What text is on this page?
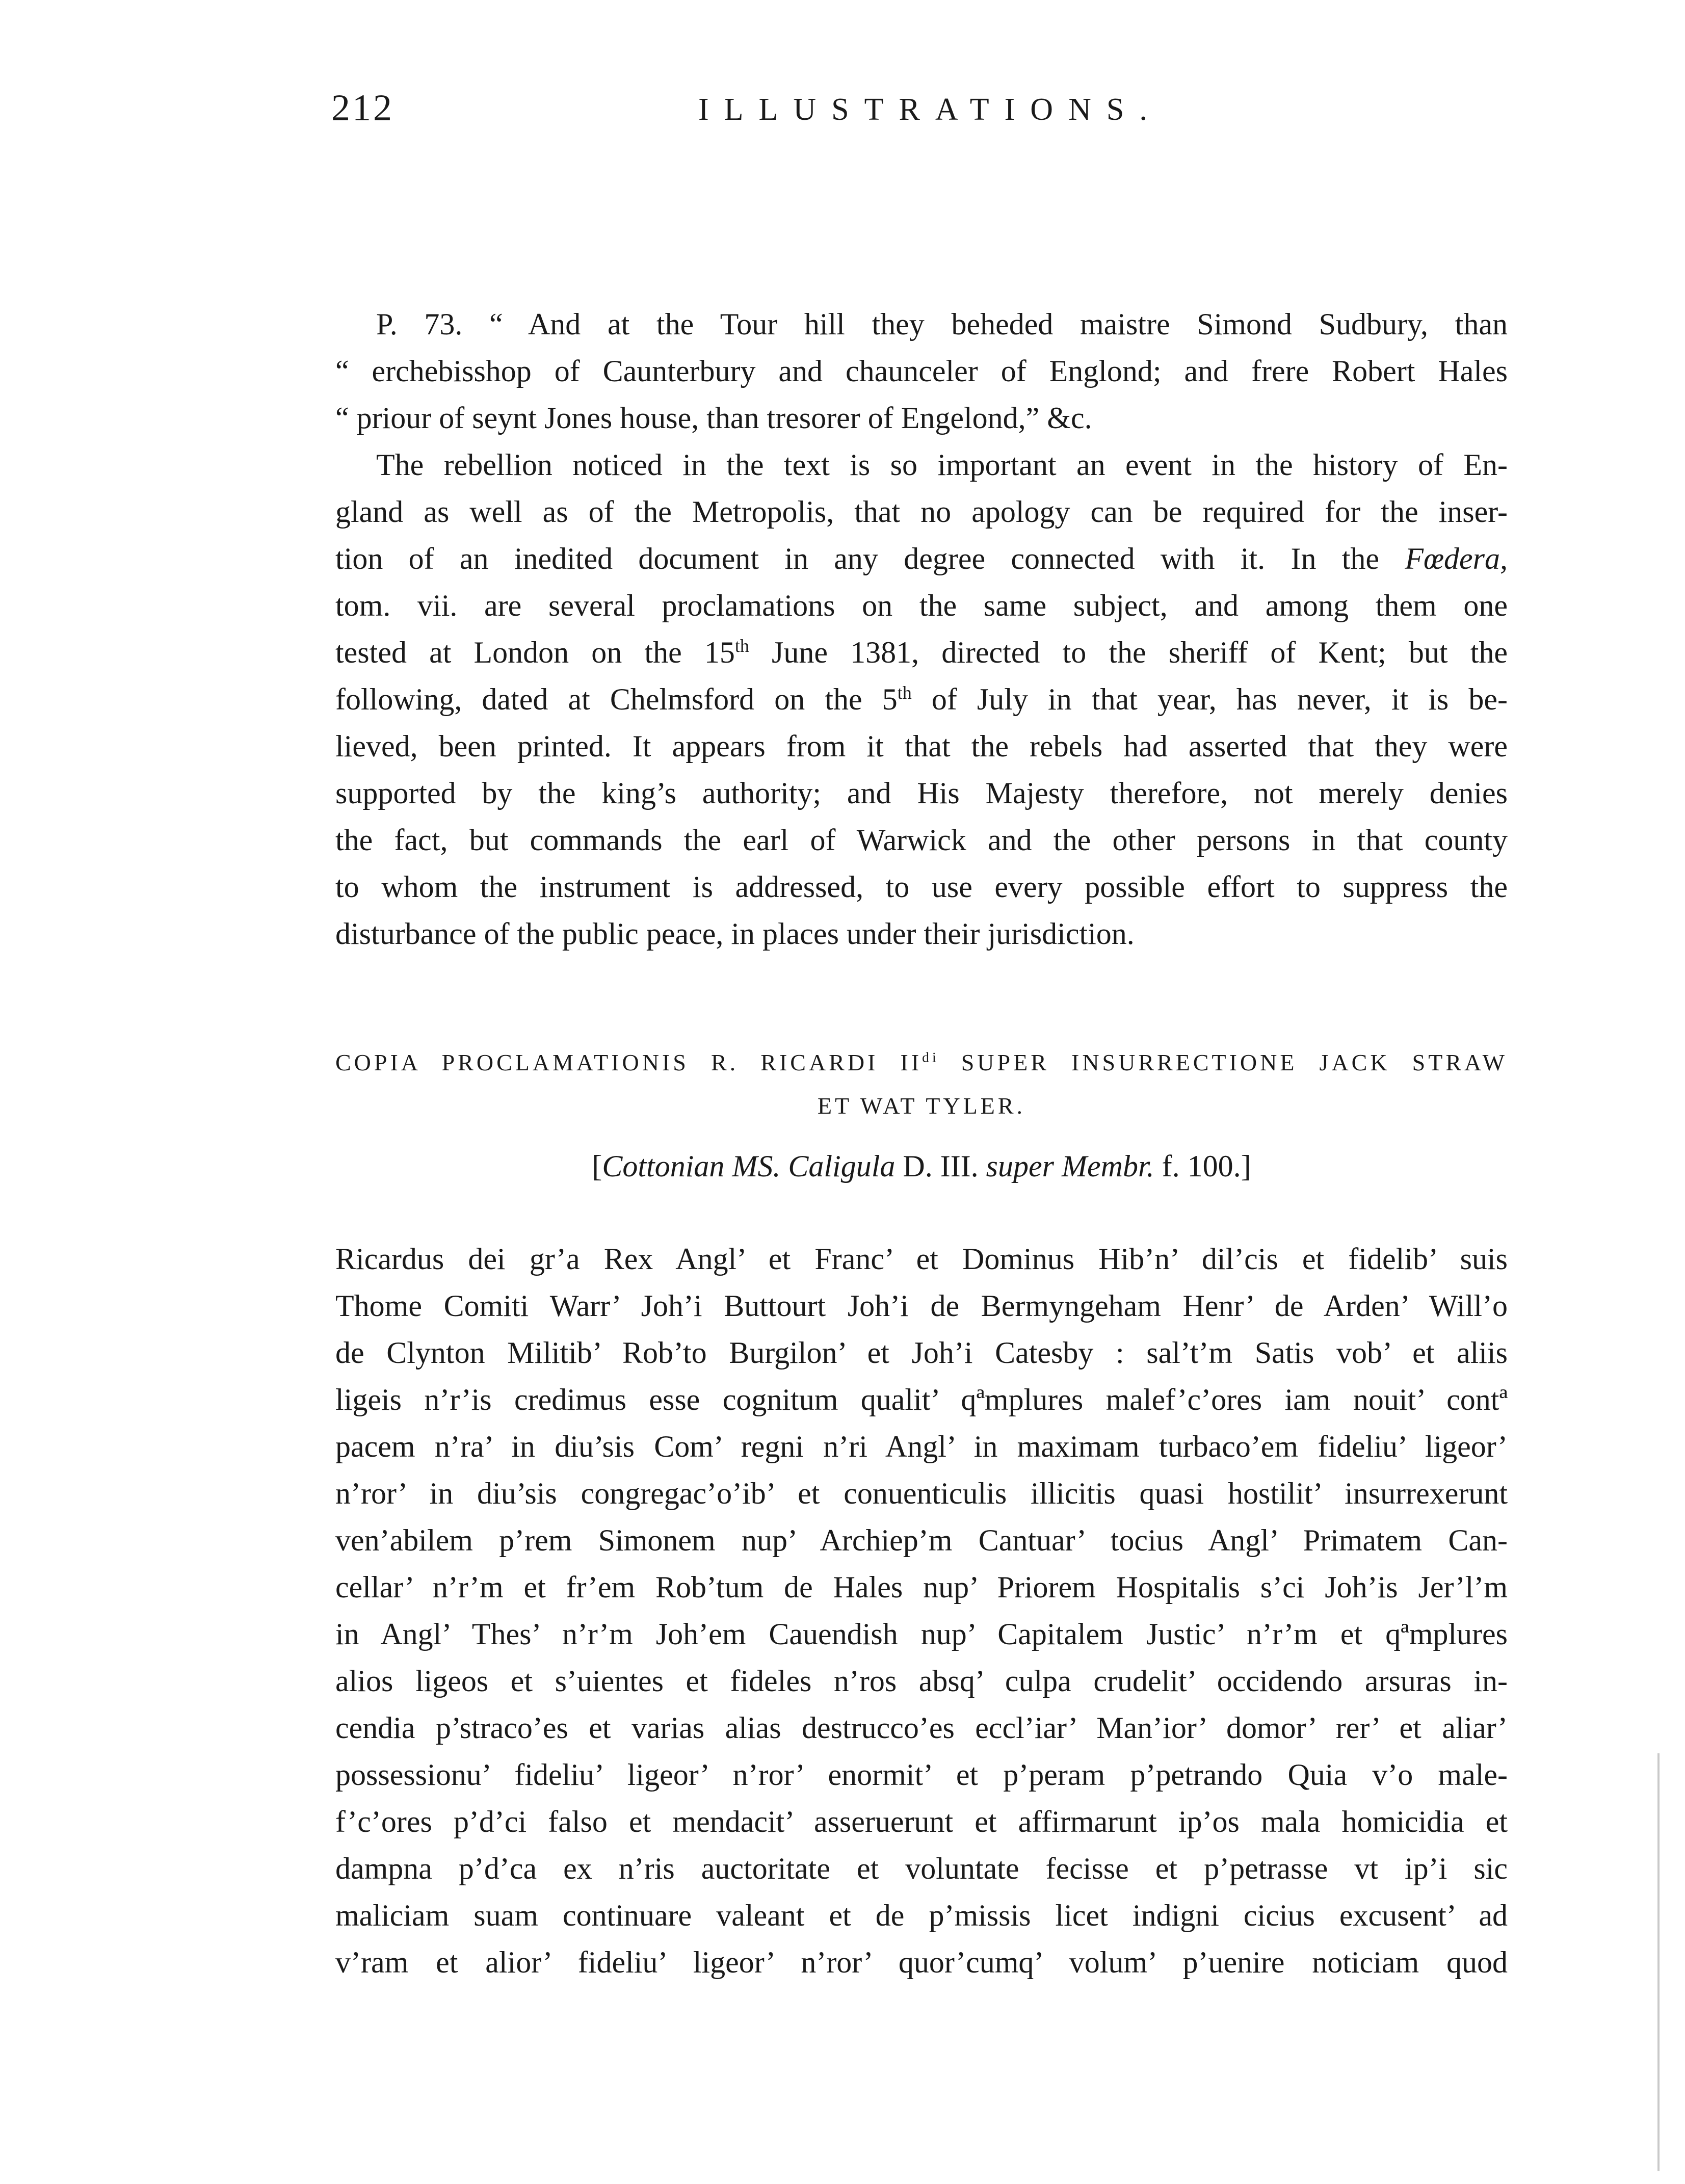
212	ILLUSTRATIONS.
P. 73. “ And at the Tour hill they beheded maistre Simond Sudbury, than
“ erchebisshop of Caunterbury and chaunceler of Englond; and frere Robert Hales
“ priour of seynt Jones house, than tresorer of Engelond,” &c.
The rebellion noticed in the text is so important an event in the history of En-
gland as well as of the Metropolis, that no apology can be required for the inser-
tion of an inedited document in any degree connected with it. In the Fœdera,
tom. vii. are several proclamations on the same subject, and among them one
tested at London on the 15th June 1381, directed to the sheriff of Kent; but the
following, dated at Chelmsford on the 5th of July in that year, has never, it is be-
lieved, been printed. It appears from it that the rebels had asserted that they were
supported by the king’s authority; and His Majesty therefore, not merely denies
the fact, but commands the earl of Warwick and the other persons in that county
to whom the instrument is addressed, to use every possible effort to suppress the
disturbance of the public peace, in places under their jurisdiction.
COPIA PROCLAMATIONIS R. RICARDI $II^{di}$ SUPER INSURRECTIONE JACK STRAW
ET WAT TYLER.
[Cottonian MS. Caligula D. III. super Membr. f. 100.]
Ricardus dei gr’a Rex Angl’ et Franc’ et Dominus Hib’n’ dil’cis et fidelib’ suis
Thome Comiti Warr’ Joh’i Buttourt Joh’i de Bermyngeham Henr’ de Arden’ Will’o
de Clynton Militib’ Rob’to Burgilon’ et Joh’i Catesby : sal’t’m Satis vob’ et aliis
ligeis n’r’is credimus esse cognitum qualit’ qªmplures malef’c’ores iam nouit’ contª
pacem n’ra’ in diu’sis Com’ regni n’ri Angl’ in maximam turbaco’em fideliu’ ligeor’
n’ror’ in diu’sis congregac’o’ib’ et conuenticulis illicitis quasi hostilit’ insurrexerunt
ven’abilem p’rem Simonem nup’ Archiep’m Cantuar’ tocius Angl’ Primatem Can-
cellar’ n’r’m et fr’em Rob’tum de Hales nup’ Priorem Hospitalis s’ci Joh’is Jer’l’m
in Angl’ Thes’ n’r’m Joh’em Cauendish nup’ Capitalem Justic’ n’r’m et qªmplures
alios ligeos et s’uientes et fideles n’ros absq’ culpa crudelit’ occidendo arsuras in-
cendia p’straco’es et varias alias destrucco’es eccl’iar’ Man’ior’ domor’ rer’ et aliar’
possessionu’ fideliu’ ligeor’ n’ror’ enormit’ et p’peram p’petrando Quia v’o male-
f’c’ores p’d’ci falso et mendacit’ asseruerunt et affirmarunt ip’os mala homicidia et
dampna p’d’ca ex n’ris auctoritate et voluntate fecisse et p’petrasse vt ip’i sic
maliciam suam continuare valeant et de p’missis licet indigni cicius excusent’ ad
v’ram et alior’ fideliu’ ligeor’ n’ror’ quor’cumq’ volum’ p’uenire noticiam quod
